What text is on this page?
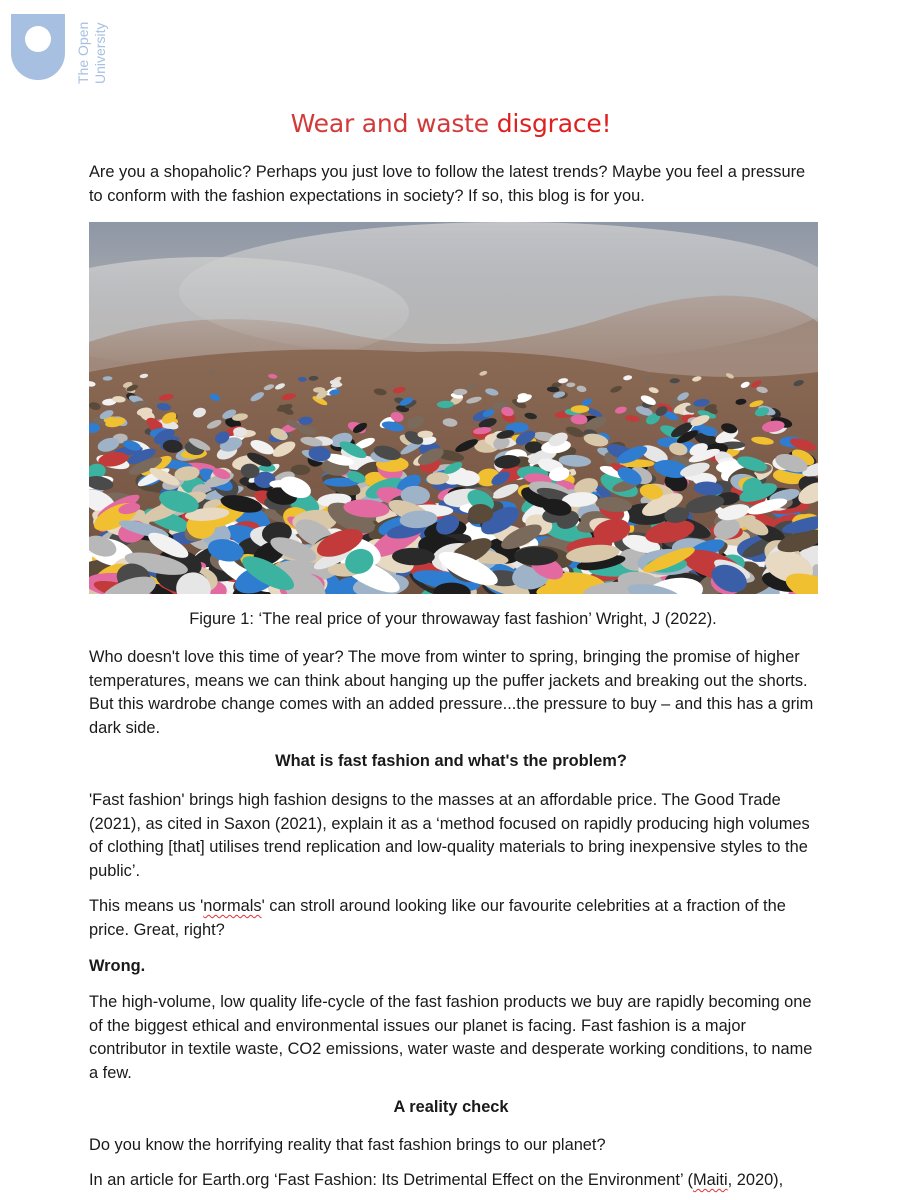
The Open University
Wear and waste disgrace!

Are you a shopaholic? Perhaps you just love to follow the latest trends? Maybe you feel a pressure to conform with the fashion expectations in society? If so, this blog is for you.

Figure 1: ‘The real price of your throwaway fast fashion’ Wright, J (2022).

Who doesn't love this time of year? The move from winter to spring, bringing the promise of higher temperatures, means we can think about hanging up the puffer jackets and breaking out the shorts. But this wardrobe change comes with an added pressure...the pressure to buy – and this has a grim dark side.

What is fast fashion and what's the problem?

'Fast fashion' brings high fashion designs to the masses at an affordable price. The Good Trade (2021), as cited in Saxon (2021), explain it as a ‘method focused on rapidly producing high volumes of clothing [that] utilises trend replication and low-quality materials to bring inexpensive styles to the public’.

This means us 'normals' can stroll around looking like our favourite celebrities at a fraction of the price. Great, right?

Wrong.

The high-volume, low quality life-cycle of the fast fashion products we buy are rapidly becoming one of the biggest ethical and environmental issues our planet is facing. Fast fashion is a major contributor in textile waste, CO2 emissions, water waste and desperate working conditions, to name a few.

A reality check

Do you know the horrifying reality that fast fashion brings to our planet?

In an article for Earth.org ‘Fast Fashion: Its Detrimental Effect on the Environment’ (Maiti, 2020),
